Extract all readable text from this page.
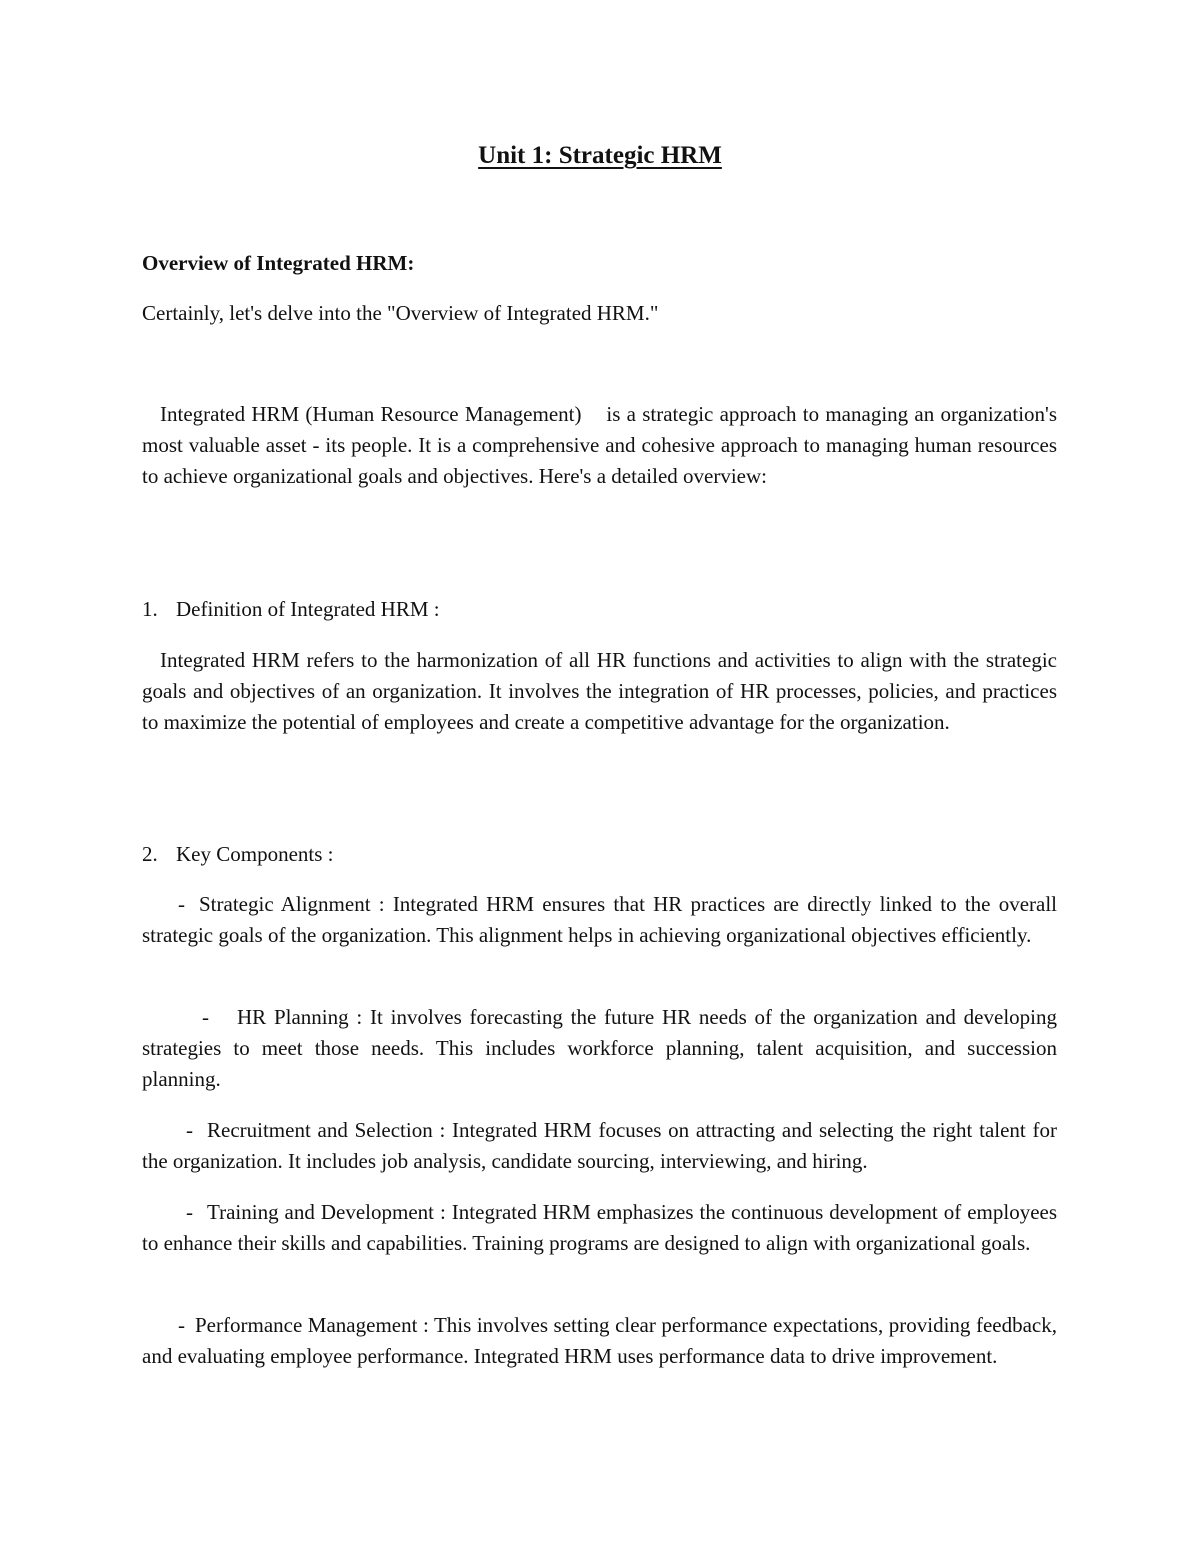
Unit 1: Strategic HRM

Overview of Integrated HRM:

Certainly, let's delve into the "Overview of Integrated HRM."

Integrated HRM (Human Resource Management)    is a strategic approach to managing an organization's most valuable asset - its people. It is a comprehensive and cohesive approach to managing human resources to achieve organizational goals and objectives. Here's a detailed overview:

1. Definition of Integrated HRM :

Integrated HRM refers to the harmonization of all HR functions and activities to align with the strategic goals and objectives of an organization. It involves the integration of HR processes, policies, and practices to maximize the potential of employees and create a competitive advantage for the organization.

2. Key Components :

- Strategic Alignment : Integrated HRM ensures that HR practices are directly linked to the overall strategic goals of the organization. This alignment helps in achieving organizational objectives efficiently.

- HR Planning : It involves forecasting the future HR needs of the organization and developing strategies to meet those needs. This includes workforce planning, talent acquisition, and succession planning.

- Recruitment and Selection : Integrated HRM focuses on attracting and selecting the right talent for the organization. It includes job analysis, candidate sourcing, interviewing, and hiring.

- Training and Development : Integrated HRM emphasizes the continuous development of employees to enhance their skills and capabilities. Training programs are designed to align with organizational goals.

- Performance Management : This involves setting clear performance expectations, providing feedback, and evaluating employee performance. Integrated HRM uses performance data to drive improvement.
